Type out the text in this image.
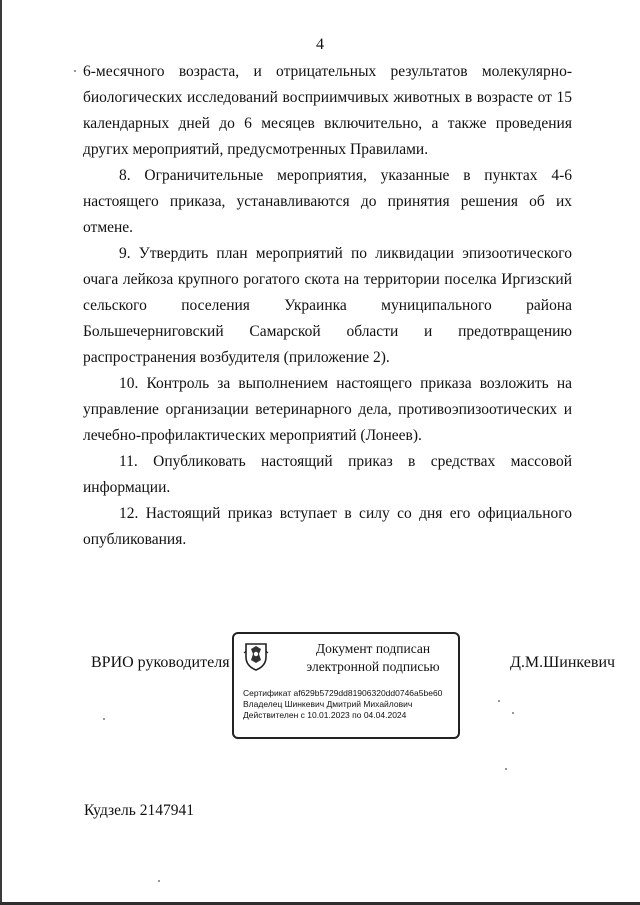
4

6-месячного возраста, и отрицательных результатов молекулярно-биологических исследований восприимчивых животных в возрасте от 15 календарных дней до 6 месяцев включительно, а также проведения других мероприятий, предусмотренных Правилами.

8. Ограничительные мероприятия, указанные в пунктах 4-6 настоящего приказа, устанавливаются до принятия решения об их отмене.

9. Утвердить план мероприятий по ликвидации эпизоотического очага лейкоза крупного рогатого скота на территории поселка Иргизский сельского поселения Украинка муниципального района Большечерниговский Самарской области и предотвращению распространения возбудителя (приложение 2).

10. Контроль за выполнением настоящего приказа возложить на управление организации ветеринарного дела, противоэпизоотических и лечебно-профилактических мероприятий (Лонеев).

11. Опубликовать настоящий приказ в средствах массовой информации.

12. Настоящий приказ вступает в силу со дня его официального опубликования.

ВРИО руководителя
Документ подписан
электронной подписью
Сертификат af629b5729dd81906320dd0746a5be60
Владелец Шинкевич Дмитрий Михайлович
Действителен с 10.01.2023 по 04.04.2024
Д.М.Шинкевич
Кудзель 2147941
